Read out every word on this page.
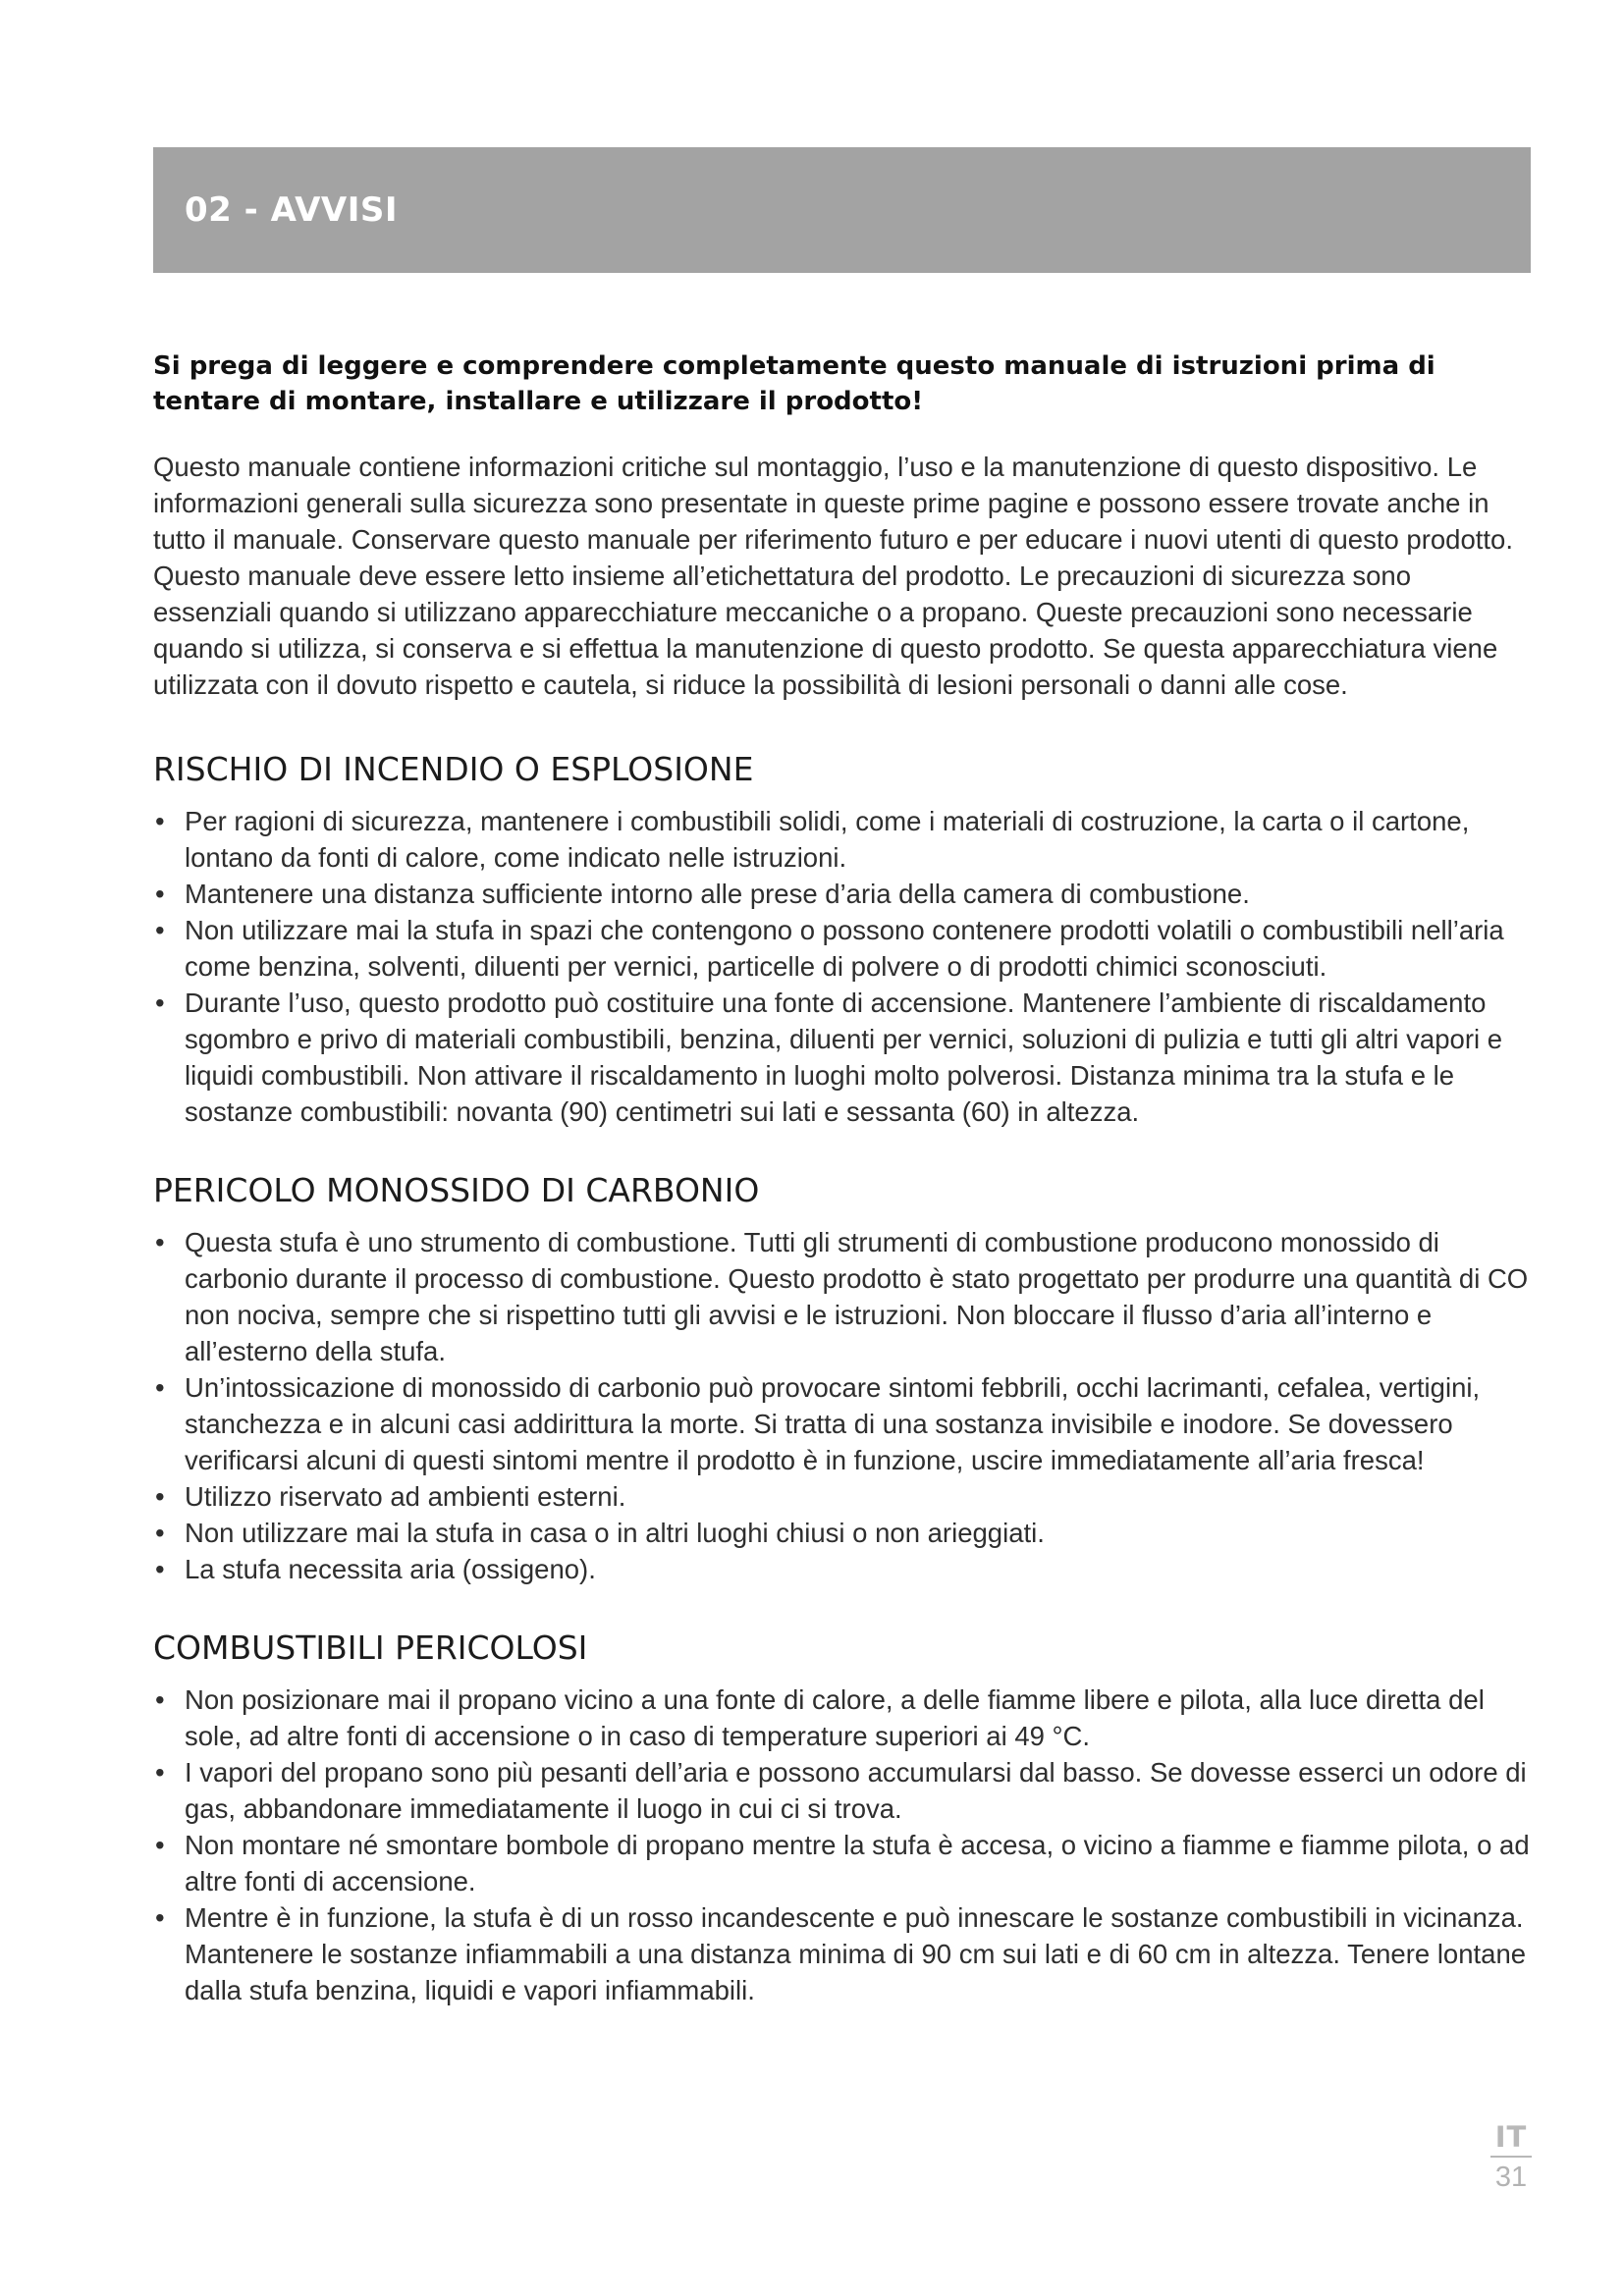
02 - AVVISI

Si prega di leggere e comprendere completamente questo manuale di istruzioni prima di tentare di montare, installare e utilizzare il prodotto!

Questo manuale contiene informazioni critiche sul montaggio, l’uso e la manutenzione di questo dispositivo. Le informazioni generali sulla sicurezza sono presentate in queste prime pagine e possono essere trovate anche in tutto il manuale. Conservare questo manuale per riferimento futuro e per educare i nuovi utenti di questo prodotto. Questo manuale deve essere letto insieme all’etichettatura del prodotto. Le precauzioni di sicurezza sono essenziali quando si utilizzano apparecchiature meccaniche o a propano. Queste precauzioni sono necessarie quando si utilizza, si conserva e si effettua la manutenzione di questo prodotto. Se questa apparecchiatura viene utilizzata con il dovuto rispetto e cautela, si riduce la possibilità di lesioni personali o danni alle cose.

RISCHIO DI INCENDIO O ESPLOSIONE
• Per ragioni di sicurezza, mantenere i combustibili solidi, come i materiali di costruzione, la carta o il cartone, lontano da fonti di calore, come indicato nelle istruzioni.
• Mantenere una distanza sufficiente intorno alle prese d’aria della camera di combustione.
• Non utilizzare mai la stufa in spazi che contengono o possono contenere prodotti volatili o combustibili nell’aria come benzina, solventi, diluenti per vernici, particelle di polvere o di prodotti chimici sconosciuti.
• Durante l’uso, questo prodotto può costituire una fonte di accensione. Mantenere l’ambiente di riscaldamento sgombro e privo di materiali combustibili, benzina, diluenti per vernici, soluzioni di pulizia e tutti gli altri vapori e liquidi combustibili. Non attivare il riscaldamento in luoghi molto polverosi. Distanza minima tra la stufa e le sostanze combustibili: novanta (90) centimetri sui lati e sessanta (60) in altezza.
PERICOLO MONOSSIDO DI CARBONIO
• Questa stufa è uno strumento di combustione. Tutti gli strumenti di combustione producono monossido di carbonio durante il processo di combustione. Questo prodotto è stato progettato per produrre una quantità di CO non nociva, sempre che si rispettino tutti gli avvisi e le istruzioni. Non bloccare il flusso d’aria all’interno e all’esterno della stufa.
• Un’intossicazione di monossido di carbonio può provocare sintomi febbrili, occhi lacrimanti, cefalea, vertigini, stanchezza e in alcuni casi addirittura la morte. Si tratta di una sostanza invisibile e inodore. Se dovessero verificarsi alcuni di questi sintomi mentre il prodotto è in funzione, uscire immediatamente all’aria fresca!
• Utilizzo riservato ad ambienti esterni.
• Non utilizzare mai la stufa in casa o in altri luoghi chiusi o non arieggiati.
• La stufa necessita aria (ossigeno).
COMBUSTIBILI PERICOLOSI
• Non posizionare mai il propano vicino a una fonte di calore, a delle fiamme libere e pilota, alla luce diretta del sole, ad altre fonti di accensione o in caso di temperature superiori ai 49 °C.
• I vapori del propano sono più pesanti dell’aria e possono accumularsi dal basso. Se dovesse esserci un odore di gas, abbandonare immediatamente il luogo in cui ci si trova.
• Non montare né smontare bombole di propano mentre la stufa è accesa, o vicino a fiamme e fiamme pilota, o ad altre fonti di accensione.
• Mentre è in funzione, la stufa è di un rosso incandescente e può innescare le sostanze combustibili in vicinanza. Mantenere le sostanze infiammabili a una distanza minima di 90 cm sui lati e di 60 cm in altezza. Tenere lontane dalla stufa benzina, liquidi e vapori infiammabili.
IT
31
